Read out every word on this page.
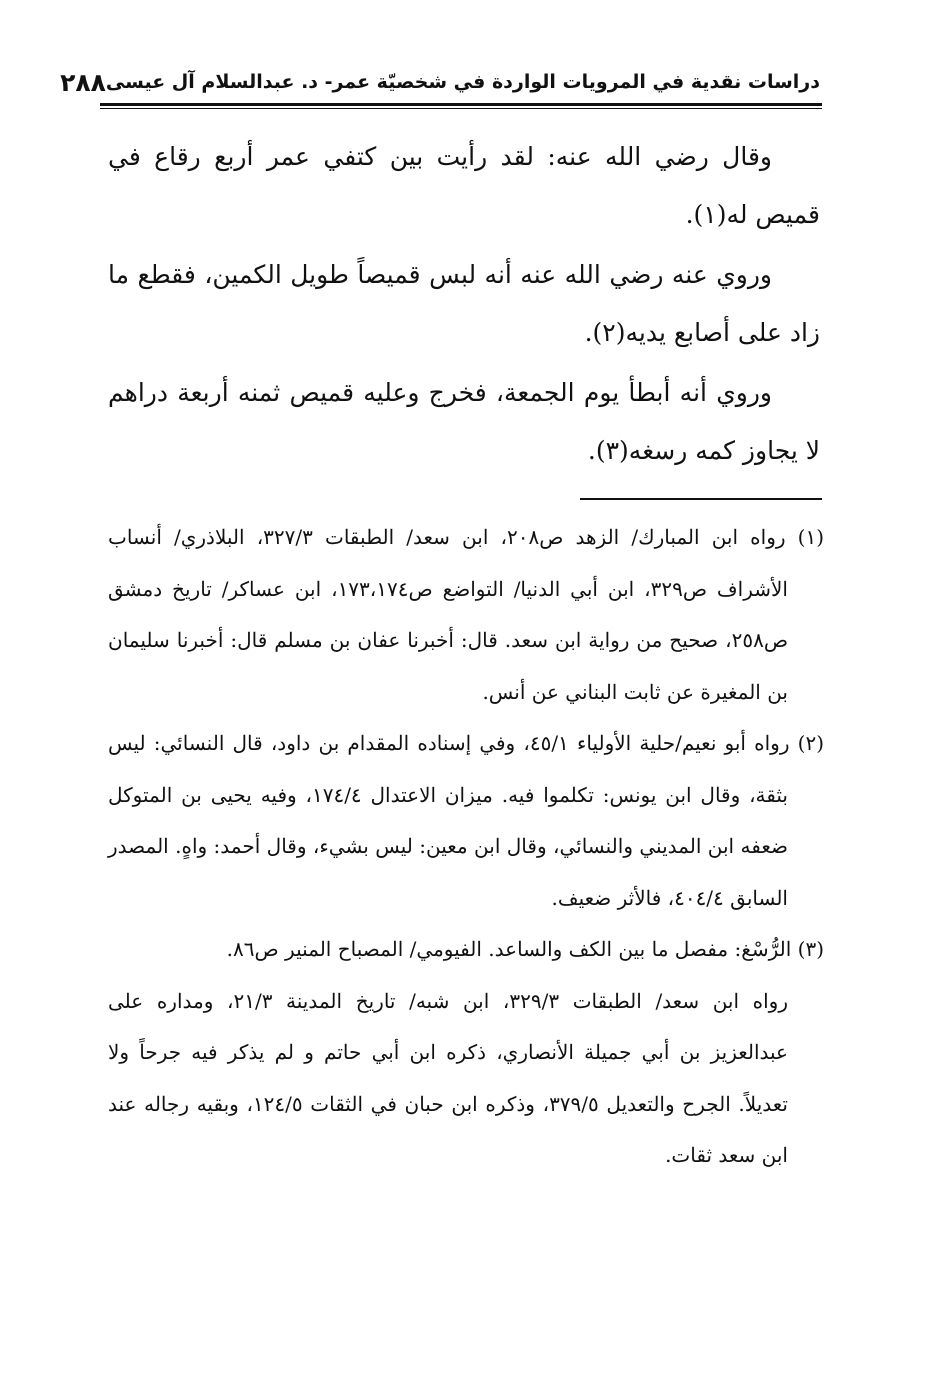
دراسات نقدية في المرويات الواردة في شخصيّة عمر- د. عبدالسلام آل عيسى
٢٨٨

وقال رضي الله عنه: لقد رأيت بين كتفي عمر أربع رقاع في قميص له(١).

وروي عنه رضي الله عنه أنه لبس قميصاً طويل الكمين، فقطع ما زاد على أصابع يديه(٢).

وروي أنه أبطأ يوم الجمعة، فخرج وعليه قميص ثمنه أربعة دراهم لا يجاوز كمه رسغه(٣).

(١) رواه ابن المبارك/ الزهد ص٢٠٨، ابن سعد/ الطبقات ٣٢٧/٣، البلاذري/ أنساب الأشراف ص٣٢٩، ابن أبي الدنيا/ التواضع ص١٧٣،١٧٤، ابن عساكر/ تاريخ دمشق ص٢٥٨، صحيح من رواية ابن سعد. قال: أخبرنا عفان بن مسلم قال: أخبرنا سليمان بن المغيرة عن ثابت البناني عن أنس.

(٢) رواه أبو نعيم/حلية الأولياء ٤٥/١، وفي إسناده المقدام بن داود، قال النسائي: ليس بثقة، وقال ابن يونس: تكلموا فيه. ميزان الاعتدال ١٧٤/٤، وفيه يحيى بن المتوكل ضعفه ابن المديني والنسائي، وقال ابن معين: ليس بشيء، وقال أحمد: واهٍ. المصدر السابق ٤٠٤/٤، فالأثر ضعيف.

(٣) الرُّسْغ: مفصل ما بين الكف والساعد. الفيومي/ المصباح المنير ص٨٦.

رواه ابن سعد/ الطبقات ٣٢٩/٣، ابن شبه/ تاريخ المدينة ٢١/٣، ومداره على عبدالعزيز بن أبي جميلة الأنصاري، ذكره ابن أبي حاتم و لم يذكر فيه جرحاً ولا تعديلاً. الجرح والتعديل ٣٧٩/٥، وذكره ابن حبان في الثقات ١٢٤/٥، وبقيه رجاله عند ابن سعد ثقات.
